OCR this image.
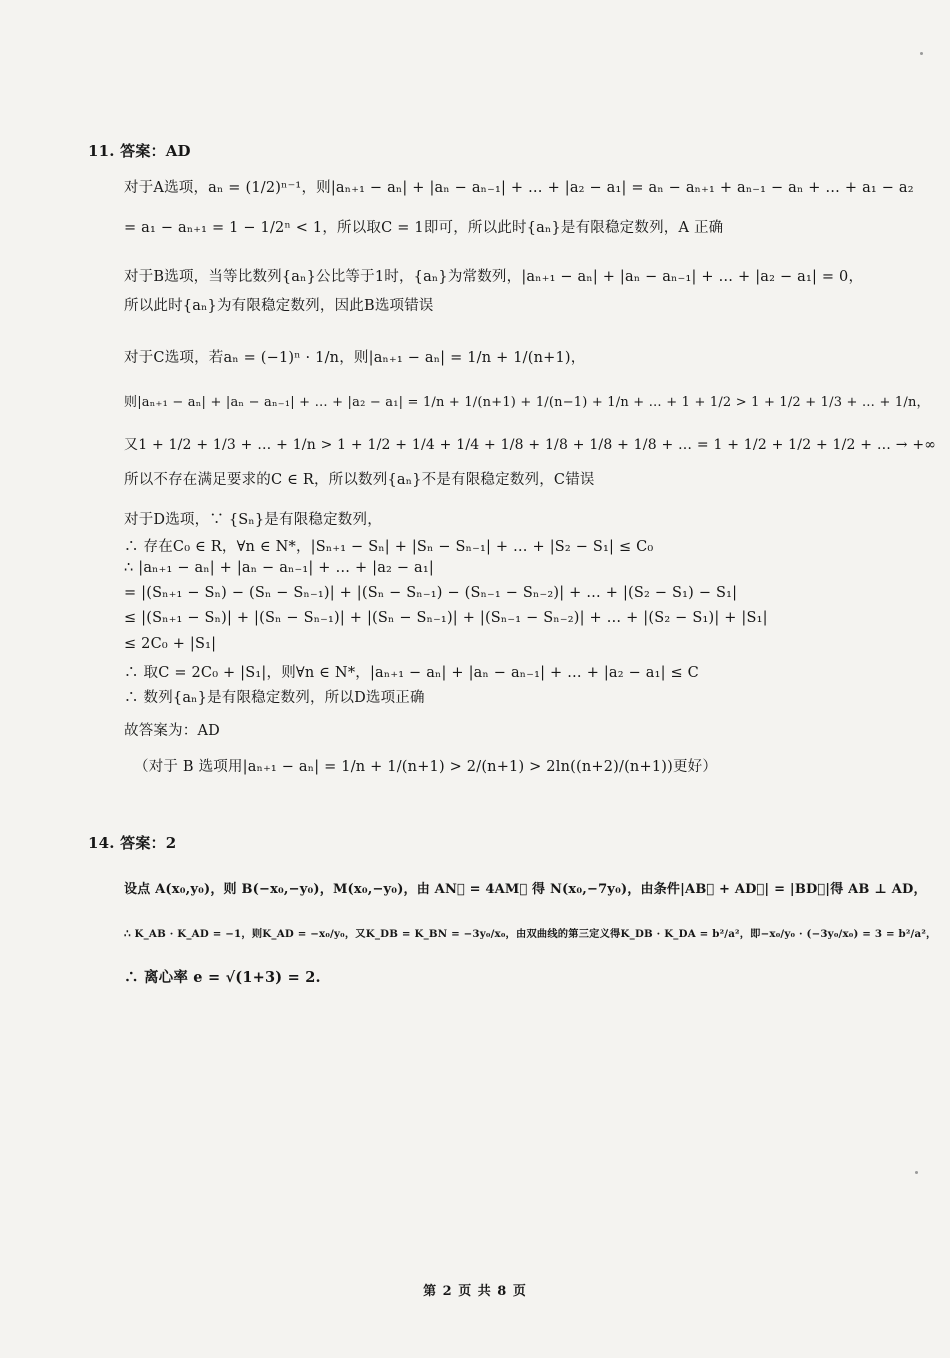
11. 答案：AD
对于A选项，aₙ = (1/2)ⁿ⁻¹，则|aₙ₊₁ − aₙ| + |aₙ − aₙ₋₁| + … + |a₂ − a₁| = aₙ − aₙ₊₁ + aₙ₋₁ − aₙ + … + a₁ − a₂
= a₁ − aₙ₊₁ = 1 − 1/2ⁿ < 1，所以取C = 1即可，所以此时{aₙ}是有限稳定数列，A 正确
对于B选项，当等比数列{aₙ}公比等于1时，{aₙ}为常数列，|aₙ₊₁ − aₙ| + |aₙ − aₙ₋₁| + … + |a₂ − a₁| = 0，
所以此时{aₙ}为有限稳定数列，因此B选项错误
对于C选项，若aₙ = (−1)ⁿ · 1/n，则|aₙ₊₁ − aₙ| = 1/n + 1/(n+1)，
则|aₙ₊₁ − aₙ| + |aₙ − aₙ₋₁| + … + |a₂ − a₁| = 1/n + 1/(n+1) + 1/(n−1) + 1/n + … + 1 + 1/2 > 1 + 1/2 + 1/3 + … + 1/n，
又1 + 1/2 + 1/3 + … + 1/n > 1 + 1/2 + 1/4 + 1/4 + 1/8 + 1/8 + 1/8 + 1/8 + … = 1 + 1/2 + 1/2 + 1/2 + … → +∞
所以不存在满足要求的C ∈ R，所以数列{aₙ}不是有限稳定数列，C错误
对于D选项，∵ {Sₙ}是有限稳定数列，
∴ 存在C₀ ∈ R，∀n ∈ N*，|Sₙ₊₁ − Sₙ| + |Sₙ − Sₙ₋₁| + … + |S₂ − S₁| ≤ C₀
∴ |aₙ₊₁ − aₙ| + |aₙ − aₙ₋₁| + … + |a₂ − a₁|
= |(Sₙ₊₁ − Sₙ) − (Sₙ − Sₙ₋₁)| + |(Sₙ − Sₙ₋₁) − (Sₙ₋₁ − Sₙ₋₂)| + … + |(S₂ − S₁) − S₁|
≤ |(Sₙ₊₁ − Sₙ)| + |(Sₙ − Sₙ₋₁)| + |(Sₙ − Sₙ₋₁)| + |(Sₙ₋₁ − Sₙ₋₂)| + … + |(S₂ − S₁)| + |S₁|
≤ 2C₀ + |S₁|
∴ 取C = 2C₀ + |S₁|，则∀n ∈ N*，|aₙ₊₁ − aₙ| + |aₙ − aₙ₋₁| + … + |a₂ − a₁| ≤ C
∴ 数列{aₙ}是有限稳定数列，所以D选项正确
故答案为：AD
（对于 B 选项用|aₙ₊₁ − aₙ| = 1/n + 1/(n+1) > 2/(n+1) > 2ln((n+2)/(n+1))更好）
14. 答案：2
设点 A(x₀,y₀)，则 B(−x₀,−y₀)，M(x₀,−y₀)，由 AN⃗ = 4AM⃗ 得 N(x₀,−7y₀)，由条件|AB⃗ + AD⃗| = |BD⃗|得 AB ⊥ AD，
∴ K_AB · K_AD = −1，则K_AD = −x₀/y₀，又K_DB = K_BN = −3y₀/x₀，由双曲线的第三定义得K_DB · K_DA = b²/a²，即−x₀/y₀ · (−3y₀/x₀) = 3 = b²/a²，
∴ 离心率 e = √(1+3) = 2.
第 2 页 共 8 页
